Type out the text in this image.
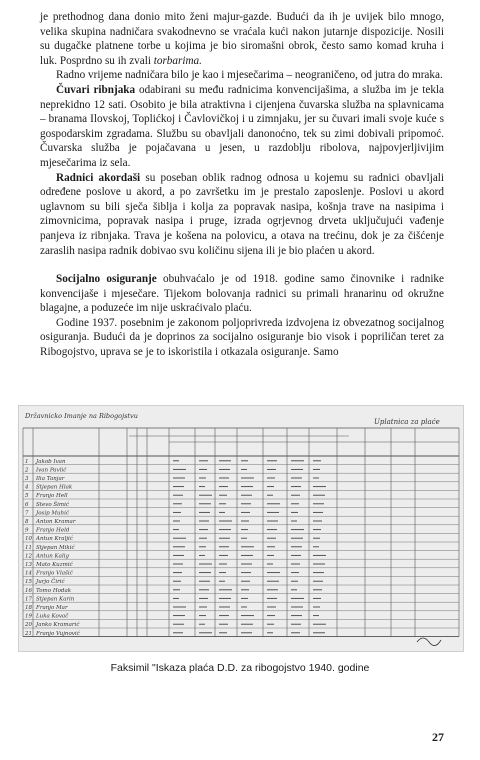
je prethodnog dana donio mito ženi majur-gazde. Budući da ih je uvijek bilo mnogo, velika skupina nadničara svakodnevno se vraćala kući nakon jutarnje dispozicije. Nosili su dugačke platnene torbe u kojima je bio siromašni obrok, često samo komad kruha i luk. Posprdno su ih zvali torbarima.

Radno vrijeme nadničara bilo je kao i mjesečarima – neograničeno, od jutra do mraka.

Čuvari ribnjaka odabirani su među radnicima konvencijašima, a služba im je tekla neprekidno 12 sati. Osobito je bila atraktivna i cijenjena čuvarska služba na splavnicama – branama Ilovskoj, Toplićkoj i Čavlovičkoj i u zimnjaku, jer su čuvari imali svoje kuće s gospodarskim zgradama. Službu su obavljali danonoćno, tek su zimi dobivali pripomoć. Čuvarska služba je pojačavana u jesen, u razdoblju ribolova, najpovjerljivijim mjesečarima iz sela.

Radnici akordaši su poseban oblik radnog odnosa u kojemu su radnici obavljali određene poslove u akord, a po završetku im je prestalo zaposlenje. Poslovi u akord uglavnom su bili sječa šiblja i kolja za popravak nasipa, košnja trave na nasipima i zimovnicima, popravak nasipa i pruge, izrada ogrjevnog drveta uključujući vađenje panjeva iz ribnjaka. Trava je košena na polovicu, a otava na trećinu, dok je za čišćenje zaraslih nasipa radnik dobivao svu količinu sijena ili je bio plaćen u akord.

Socijalno osiguranje obuhvaćalo je od 1918. godine samo činovnike i radnike konvencijaše i mjesečare. Tijekom bolovanja radnici su primali hranarinu od okružne blagajne, a poduzeće im nije uskraćivalo plaću.

Godine 1937. posebnim je zakonom poljoprivreda izdvojena iz obvezatnog socijalnog osiguranja. Budući da je doprinos za socijalno osiguranje bio visok i popriličan teret za Ribogojstvo, uprava se je to iskoristila i otkazala osiguranje. Samo

Državnicko Imanje na Ribogojstvu
Uplatnica za plaće
1 Jakob Ivan
2 Ivan Pavlić
3 Ilia Tanjar
4 Stjepan Hlak
5 Franjo Hell
6 Stevo Šimić
7 Josip Muhić
8 Anton Kramar
9 Franjo Held
10 Antun Kraljić
11 Stjepan Mikić
12 Antun Kalig
13 Mato Kuzmić
14 Franjo Vlašić
15 Jurjo Čirić
16 Tomo Hodak
17 Stjepan Karin
18 Franjo Mar
19 Luka Kovač
20 Janko Kramarić
21 Franjo Vujnović
Faksimil "Iskaza plaća D.D. za ribogojstvo 1940. godine
27
